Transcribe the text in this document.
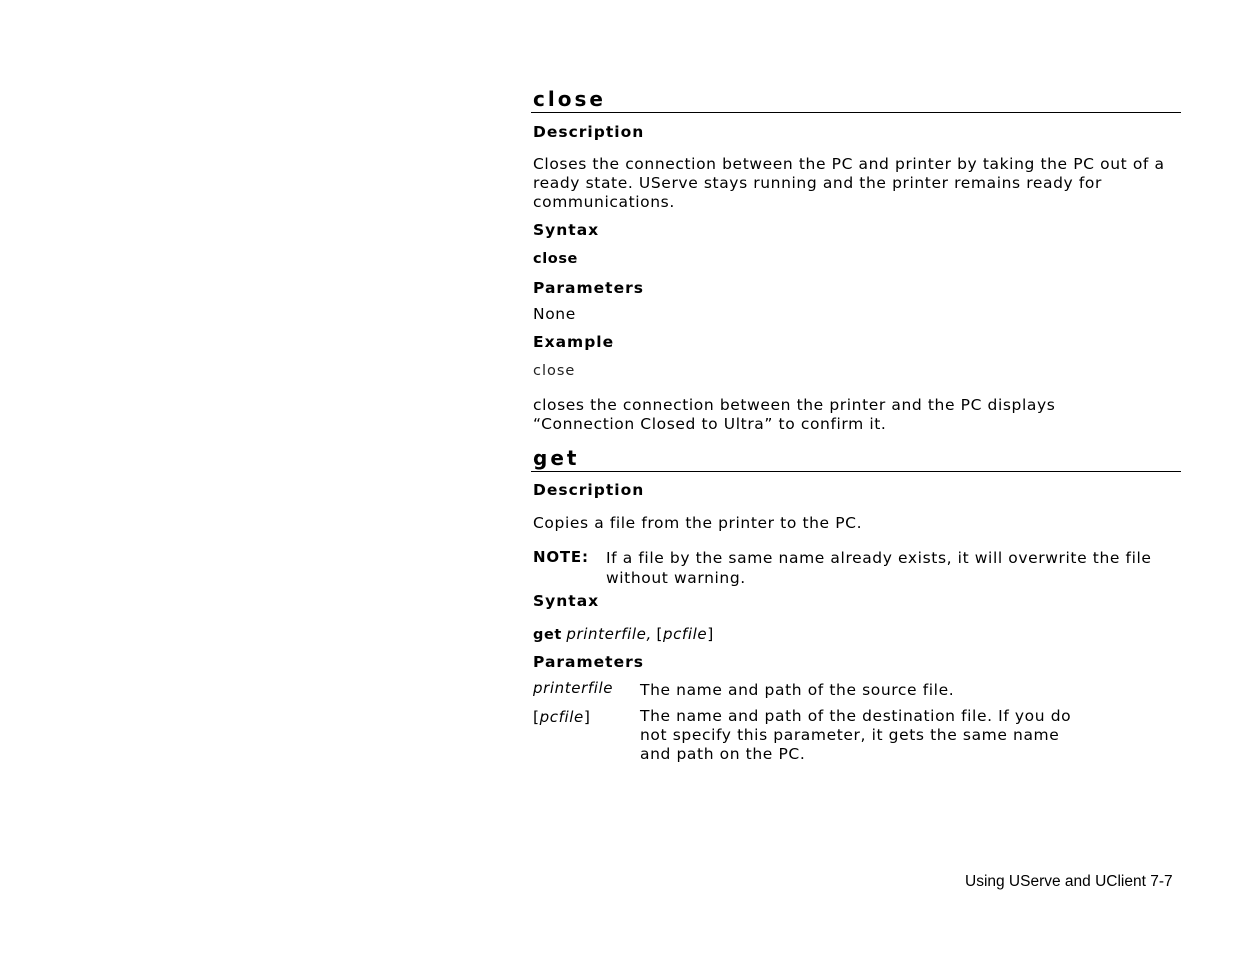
close
Description
Closes the connection between the PC and printer by taking the PC out of a ready state. UServe stays running and the printer remains ready for communications.
Syntax
close
Parameters
None
Example
close
closes the connection between the printer and the PC displays “Connection Closed to Ultra” to confirm it.
get
Description
Copies a file from the printer to the PC.
NOTE: If a file by the same name already exists, it will overwrite the file without warning.
Syntax
get printerfile, [pcfile]
Parameters
printerfile The name and path of the source file.
[pcfile]	The name and path of the destination file. If you do not specify this parameter, it gets the same name and path on the PC.
Using UServe and UClient 7-7
